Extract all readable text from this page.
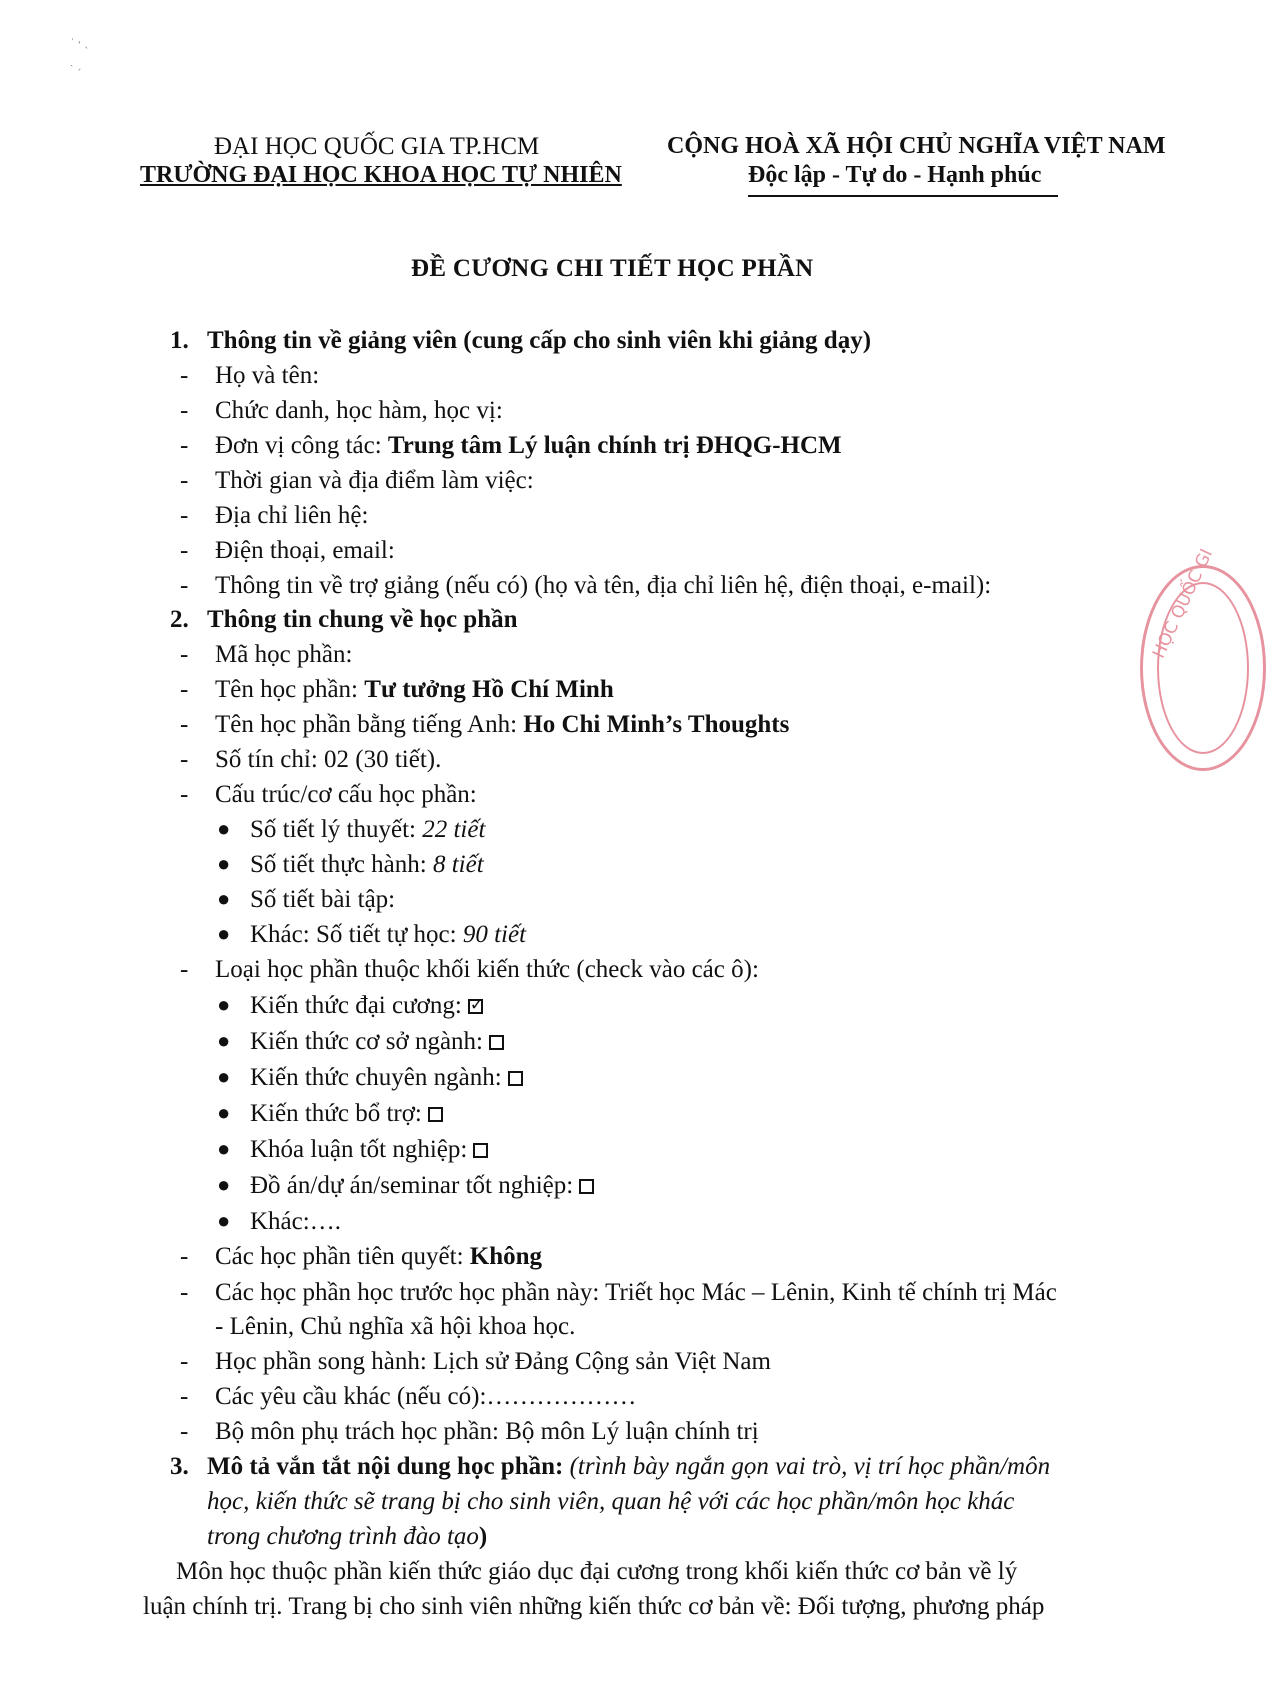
˙ ˒ ˎ

˴ ˏ
ĐẠI HỌC QUỐC GIA TP.HCM
TRƯỜNG ĐẠI HỌC KHOA HỌC TỰ NHIÊN
CỘNG HOÀ XÃ HỘI CHỦ NGHĨA VIỆT NAM
Độc lập - Tự do - Hạnh phúc
ĐỀ CƯƠNG CHI TIẾT HỌC PHẦN
1. Thông tin về giảng viên (cung cấp cho sinh viên khi giảng dạy)
- Họ và tên:
- Chức danh, học hàm, học vị:
- Đơn vị công tác: Trung tâm Lý luận chính trị ĐHQG-HCM
- Thời gian và địa điểm làm việc:
- Địa chỉ liên hệ:
- Điện thoại, email:
- Thông tin về trợ giảng (nếu có) (họ và tên, địa chỉ liên hệ, điện thoại, e-mail):
2. Thông tin chung về học phần
- Mã học phần:
- Tên học phần: Tư tưởng Hồ Chí Minh
- Tên học phần bằng tiếng Anh: Ho Chi Minh’s Thoughts
- Số tín chỉ: 02 (30 tiết).
- Cấu trúc/cơ cấu học phần:
● Số tiết lý thuyết: 22 tiết
● Số tiết thực hành: 8 tiết
● Số tiết bài tập:
● Khác: Số tiết tự học: 90 tiết
- Loại học phần thuộc khối kiến thức (check vào các ô):
● Kiến thức đại cương:✓
● Kiến thức cơ sở ngành:
● Kiến thức chuyên ngành:
● Kiến thức bổ trợ:
● Khóa luận tốt nghiệp:
● Đồ án/dự án/seminar tốt nghiệp:
● Khác:….
- Các học phần tiên quyết: Không
- Các học phần học trước học phần này: Triết học Mác – Lênin, Kinh tế chính trị Mác
- Lênin, Chủ nghĩa xã hội khoa học.
- Học phần song hành: Lịch sử Đảng Cộng sản Việt Nam
- Các yêu cầu khác (nếu có):………………
- Bộ môn phụ trách học phần: Bộ môn Lý luận chính trị
3. Mô tả vắn tắt nội dung học phần: (trình bày ngắn gọn vai trò, vị trí học phần/môn
học, kiến thức sẽ trang bị cho sinh viên, quan hệ với các học phần/môn học khác
trong chương trình đào tạo)
Môn học thuộc phần kiến thức giáo dục đại cương trong khối kiến thức cơ bản về lý
luận chính trị. Trang bị cho sinh viên những kiến thức cơ bản về: Đối tượng, phương pháp
HỌC QUỐC GI
